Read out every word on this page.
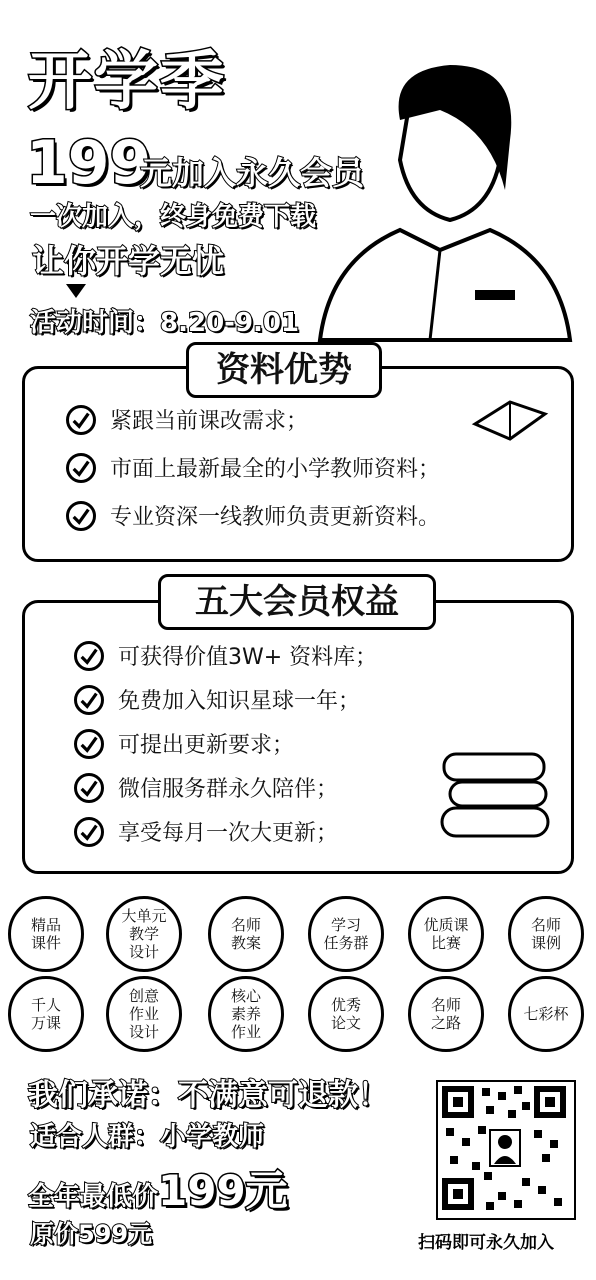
开学季
199
元加入永久会员
一次加入，终身免费下载
让你开学无忧
活动时间：8.20-9.01
资料优势
紧跟当前课改需求；
市面上最新最全的小学教师资料；
专业资深一线教师负责更新资料。
五大会员权益
可获得价值3W+ 资料库；
免费加入知识星球一年；
可提出更新要求；
微信服务群永久陪伴；
享受每月一次大更新；
精品
课件
大单元
教学
设计
名师
教案
学习
任务群
优质课
比赛
名师
课例
千人
万课
创意
作业
设计
核心
素养
作业
优秀
论文
名师
之路	七彩杯
我们承诺：不满意可退款！
适合人群：小学教师
全年最低价199元
原价599元	扫码即可永久加入
